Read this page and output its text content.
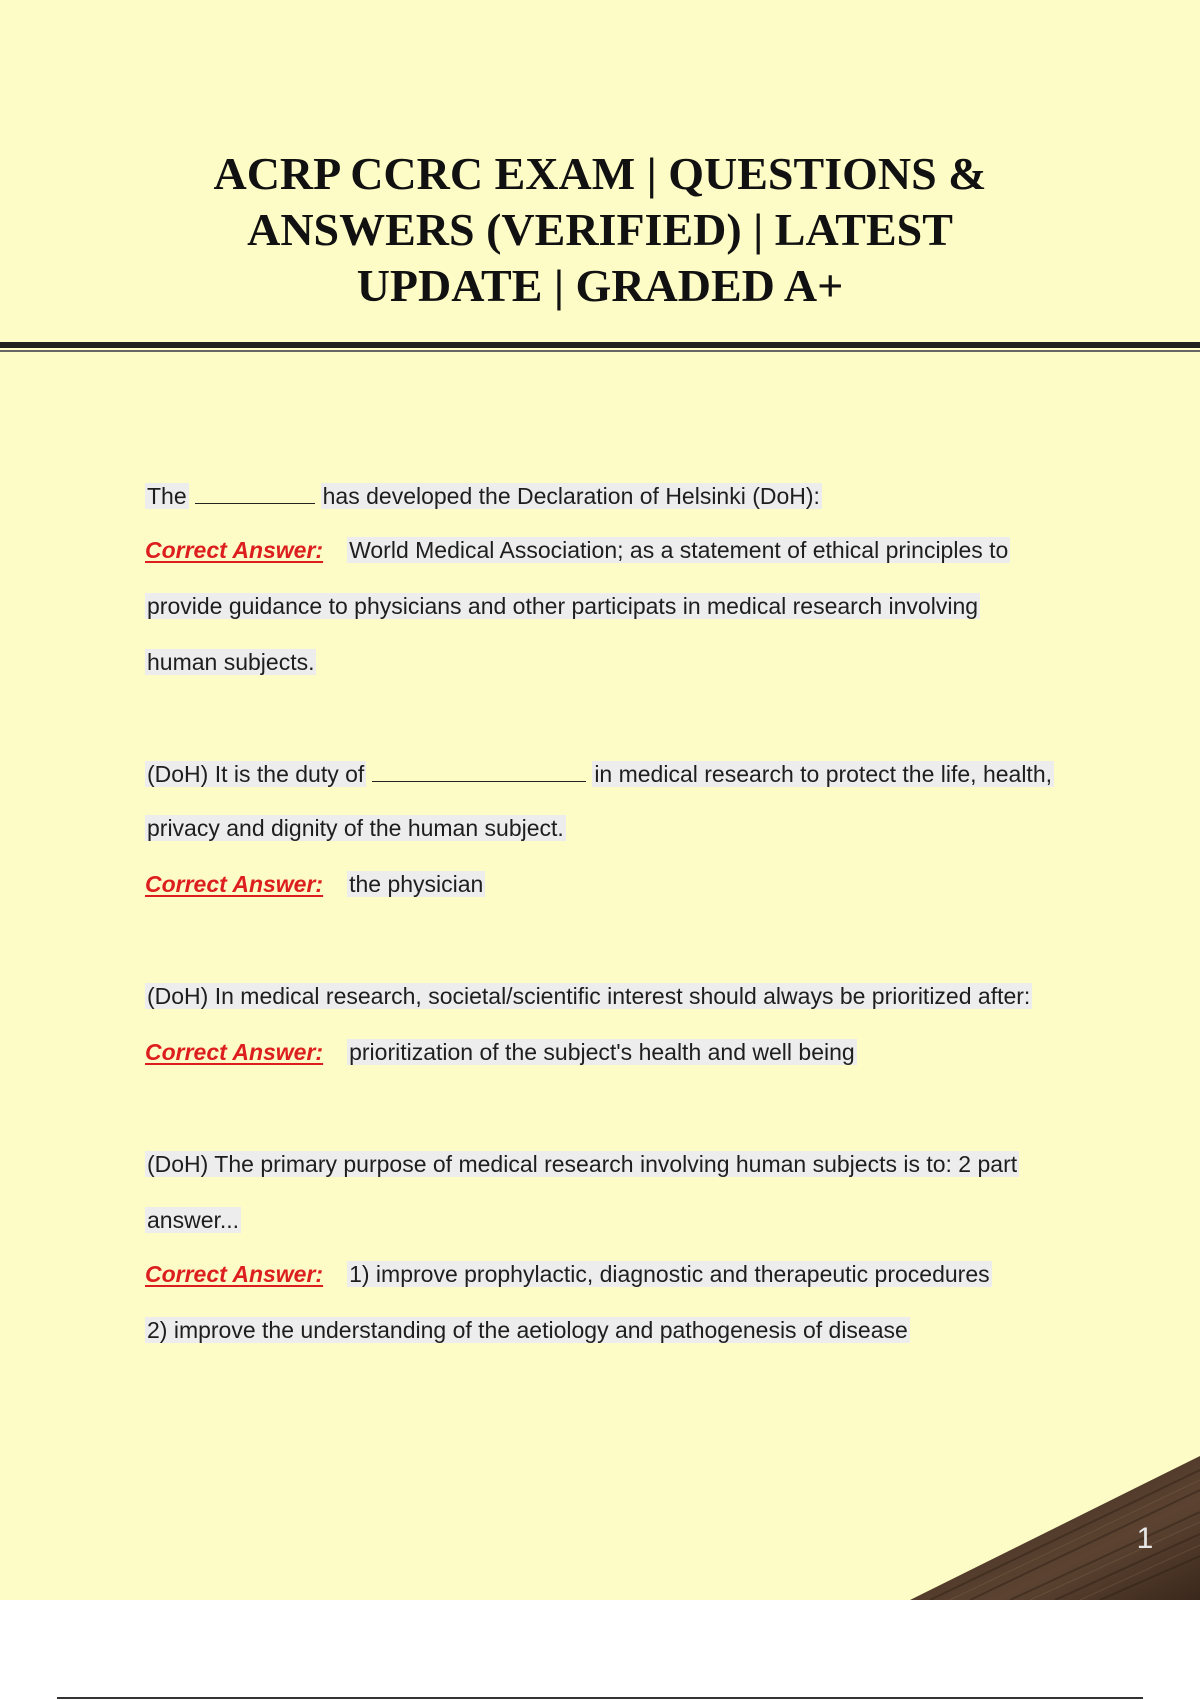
ACRP CCRC EXAM | QUESTIONS &
ANSWERS (VERIFIED) | LATEST
UPDATE | GRADED A+
The	has developed the Declaration of Helsinki (DoH):
Correct Answer: World Medical Association; as a statement of ethical principles to
provide guidance to physicians and other participats in medical research involving
human subjects.
(DoH) It is the duty of	in medical research to protect the life, health,
privacy and dignity of the human subject.
Correct Answer: the physician
(DoH) In medical research, societal/scientific interest should always be prioritized after:
Correct Answer: prioritization of the subject's health and well being
(DoH) The primary purpose of medical research involving human subjects is to: 2 part
answer...
Correct Answer: 1) improve prophylactic, diagnostic and therapeutic procedures
2) improve the understanding of the aetiology and pathogenesis of disease
1
